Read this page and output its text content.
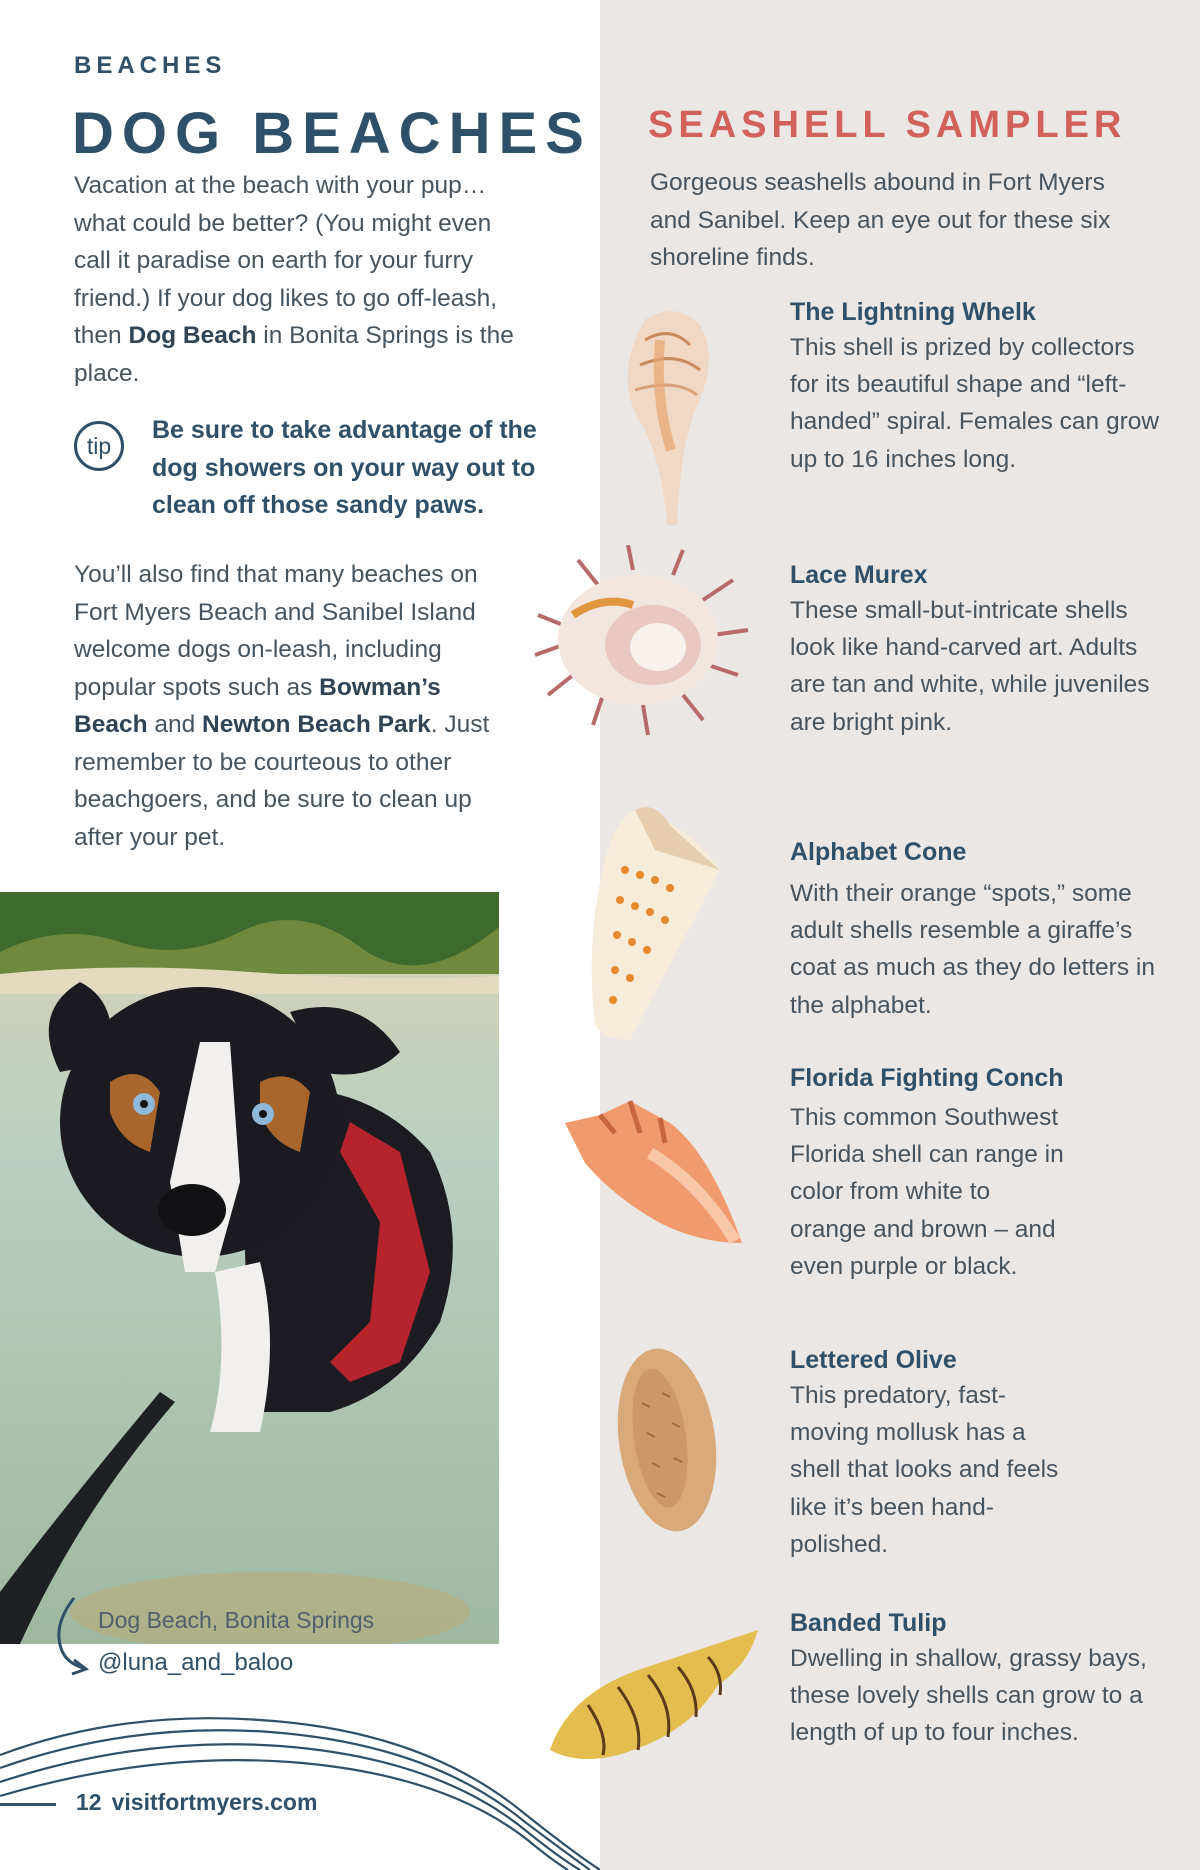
BEACHES

DOG BEACHES

Vacation at the beach with your pup… what could be better? (You might even call it paradise on earth for your furry friend.) If your dog likes to go off-leash, then Dog Beach in Bonita Springs is the place.

tip

Be sure to take advantage of the dog showers on your way out to clean off those sandy paws.

You’ll also find that many beaches on Fort Myers Beach and Sanibel Island welcome dogs on-leash, including popular spots such as Bowman’s Beach and Newton Beach Park. Just remember to be courteous to other beachgoers, and be sure to clean up after your pet.

Dog Beach, Bonita Springs

@luna_and_baloo

12 visitfortmyers.com

SEASHELL SAMPLER

Gorgeous seashells abound in Fort Myers and Sanibel. Keep an eye out for these six shoreline finds.

The Lightning Whelk

This shell is prized by collectors for its beautiful shape and “left-handed” spiral. Females can grow up to 16 inches long.

Lace Murex

These small-but-intricate shells look like hand-carved art. Adults are tan and white, while juveniles are bright pink.

Alphabet Cone

With their orange “spots,” some adult shells resemble a giraffe’s coat as much as they do letters in the alphabet.

Florida Fighting Conch

This common Southwest Florida shell can range in color from white to orange and brown – and even purple or black.

Lettered Olive

This predatory, fast-moving mollusk has a shell that looks and feels like it’s been hand-polished.

Banded Tulip

Dwelling in shallow, grassy bays, these lovely shells can grow to a length of up to four inches.
